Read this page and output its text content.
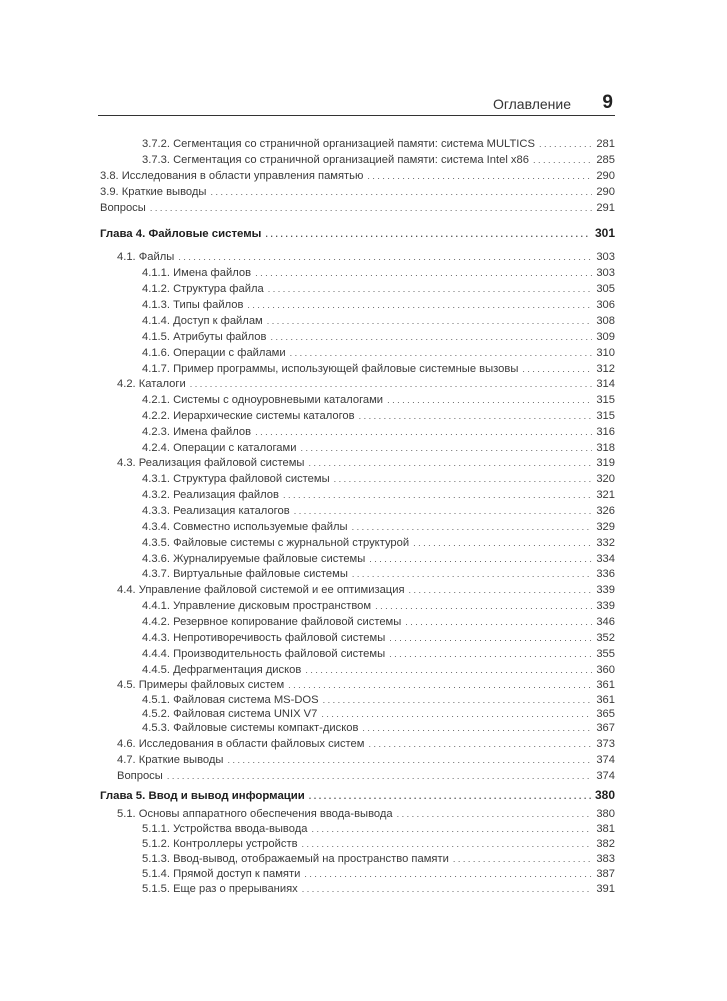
Оглавление 9
3.7.2. Сегментация со страничной организацией памяти: система MULTICS . . .	281
3.7.3. Сегментация со страничной организацией памяти: система Intel x86 . . .	285
3.8. Исследования в области управления памятью . . .	290
3.9. Краткие выводы . . .	290
Вопросы . . .	291
Глава 4. Файловые системы . . .	301
4.1. Файлы . . .	303
4.1.1. Имена файлов . . .	303
4.1.2. Структура файла . . .	305
4.1.3. Типы файлов . . .	306
4.1.4. Доступ к файлам . . .	308
4.1.5. Атрибуты файлов . . .	309
4.1.6. Операции с файлами . . .	310
4.1.7. Пример программы, использующей файловые системные вызовы . . .	312
4.2. Каталоги . . .	314
4.2.1. Системы с одноуровневыми каталогами . . .	315
4.2.2. Иерархические системы каталогов . . .	315
4.2.3. Имена файлов . . .	316
4.2.4. Операции с каталогами . . .	318
4.3. Реализация файловой системы . . .	319
4.3.1. Структура файловой системы . . .	320
4.3.2. Реализация файлов . . .	321
4.3.3. Реализация каталогов . . .	326
4.3.4. Совместно используемые файлы . . .	329
4.3.5. Файловые системы с журнальной структурой . . .	332
4.3.6. Журналируемые файловые системы . . .	334
4.3.7. Виртуальные файловые системы . . .	336
4.4. Управление файловой системой и ее оптимизация . . .	339
4.4.1. Управление дисковым пространством . . .	339
4.4.2. Резервное копирование файловой системы . . .	346
4.4.3. Непротиворечивость файловой системы . . .	352
4.4.4. Производительность файловой системы . . .	355
4.4.5. Дефрагментация дисков . . .	360
4.5. Примеры файловых систем . . .	361
4.5.1. Файловая система MS-DOS . . .	361
4.5.2. Файловая система UNIX V7 . . .	365
4.5.3. Файловые системы компакт-дисков . . .	367
4.6. Исследования в области файловых систем . . .	373
4.7. Краткие выводы . . .	374
Вопросы . . .	374
Глава 5. Ввод и вывод информации . . .	380
5.1. Основы аппаратного обеспечения ввода-вывода . . .	380
5.1.1. Устройства ввода-вывода . . .	381
5.1.2. Контроллеры устройств . . .	382
5.1.3. Ввод-вывод, отображаемый на пространство памяти . . .	383
5.1.4. Прямой доступ к памяти . . .	387
5.1.5. Еще раз о прерываниях . . .	391
